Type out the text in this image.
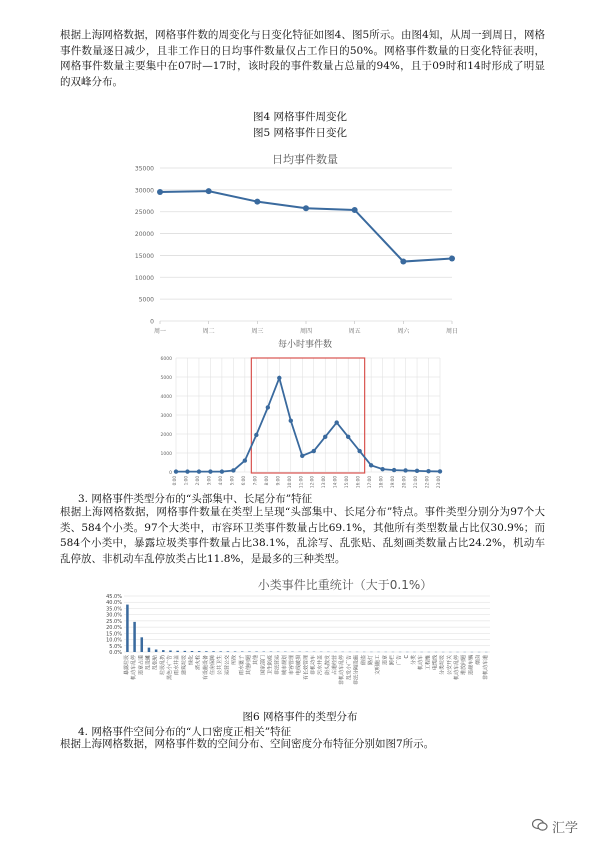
根据上海网格数据，网格事件数的周变化与日变化特征如图4、图5所示。由图4知，从周一到周日，网格事件数量逐日减少，且非工作日的日均事件数量仅占工作日的50%。网格事件数量的日变化特征表明，网格事件数量主要集中在07时—17时，该时段的事件数量占总量的94%，且于09时和14时形成了明显的双峰分布。

图4 网格事件周变化
图5 网格事件日变化
日均事件数量
0
5000
10000
15000
20000
25000
30000
35000
周一	周二	周三	周四	周五	周六	周日
每小时事件数
0
1000
2000
3000
4000
5000
6000
0:00 1:00 2:00 3:00 4:00 5:00 6:00 7:00 8:00 9:00 10:00 11:00 12:00 13:00 14:00 15:00 16:00 17:00 18:00 19:00 20:00 21:00 22:00 23:00
3. 网格事件类型分布的“头部集中、长尾分布”特征

根据上海网格数据，网格事件数量在类型上呈现“头部集中、长尾分布”特点。事件类型分别分为97个大类、584个小类。97个大类中，市容环卫类事件数量占比69.1%，其他所有类型数量占比仅30.9%；而584个小类中，暴露垃圾类事件数量占比38.1%，乱涂写、乱张贴、乱刻画类数量占比24.2%，机动车乱停放、非机动车乱停放类占比11.8%，是最多的三种类型。

小类事件比重统计（大于0.1%）
0.0%
5.0%
10.0%
15.0%
20.0%
25.0%
30.0%
35.0%
40.0%
45.0%
暴露垃圾 机动车乱停 违章占道 乱设摊 乱张贴 垃圾乱扔 黑色小广告 雨水井盖 建筑垃圾 绿化 消火栓 有设施设备 住房保障 公共卫生 运营公交 所改 雨水篦子 其他问题 其他 国家部门 卫生防疫 非法营运 城市规划 市容管理 电线破损 有长效管理 非机动车 污水井盖 街头散发 占道经营 非机动车乱停 乱发小广告 非法分隔设施 偷盗 路灯 文明施工 违章 跨栏 广告 C 分类 机动车 工程维 电缆线 分类垃圾 公安开关 机动车乱停 堆放问题 违规车辆 烟囱 非机动车道
图6 网格事件的类型分布
4. 网格事件空间分布的“人口密度正相关”特征

根据上海网格数据，网格事件数的空间分布、空间密度分布特征分别如图7所示。

汇学
